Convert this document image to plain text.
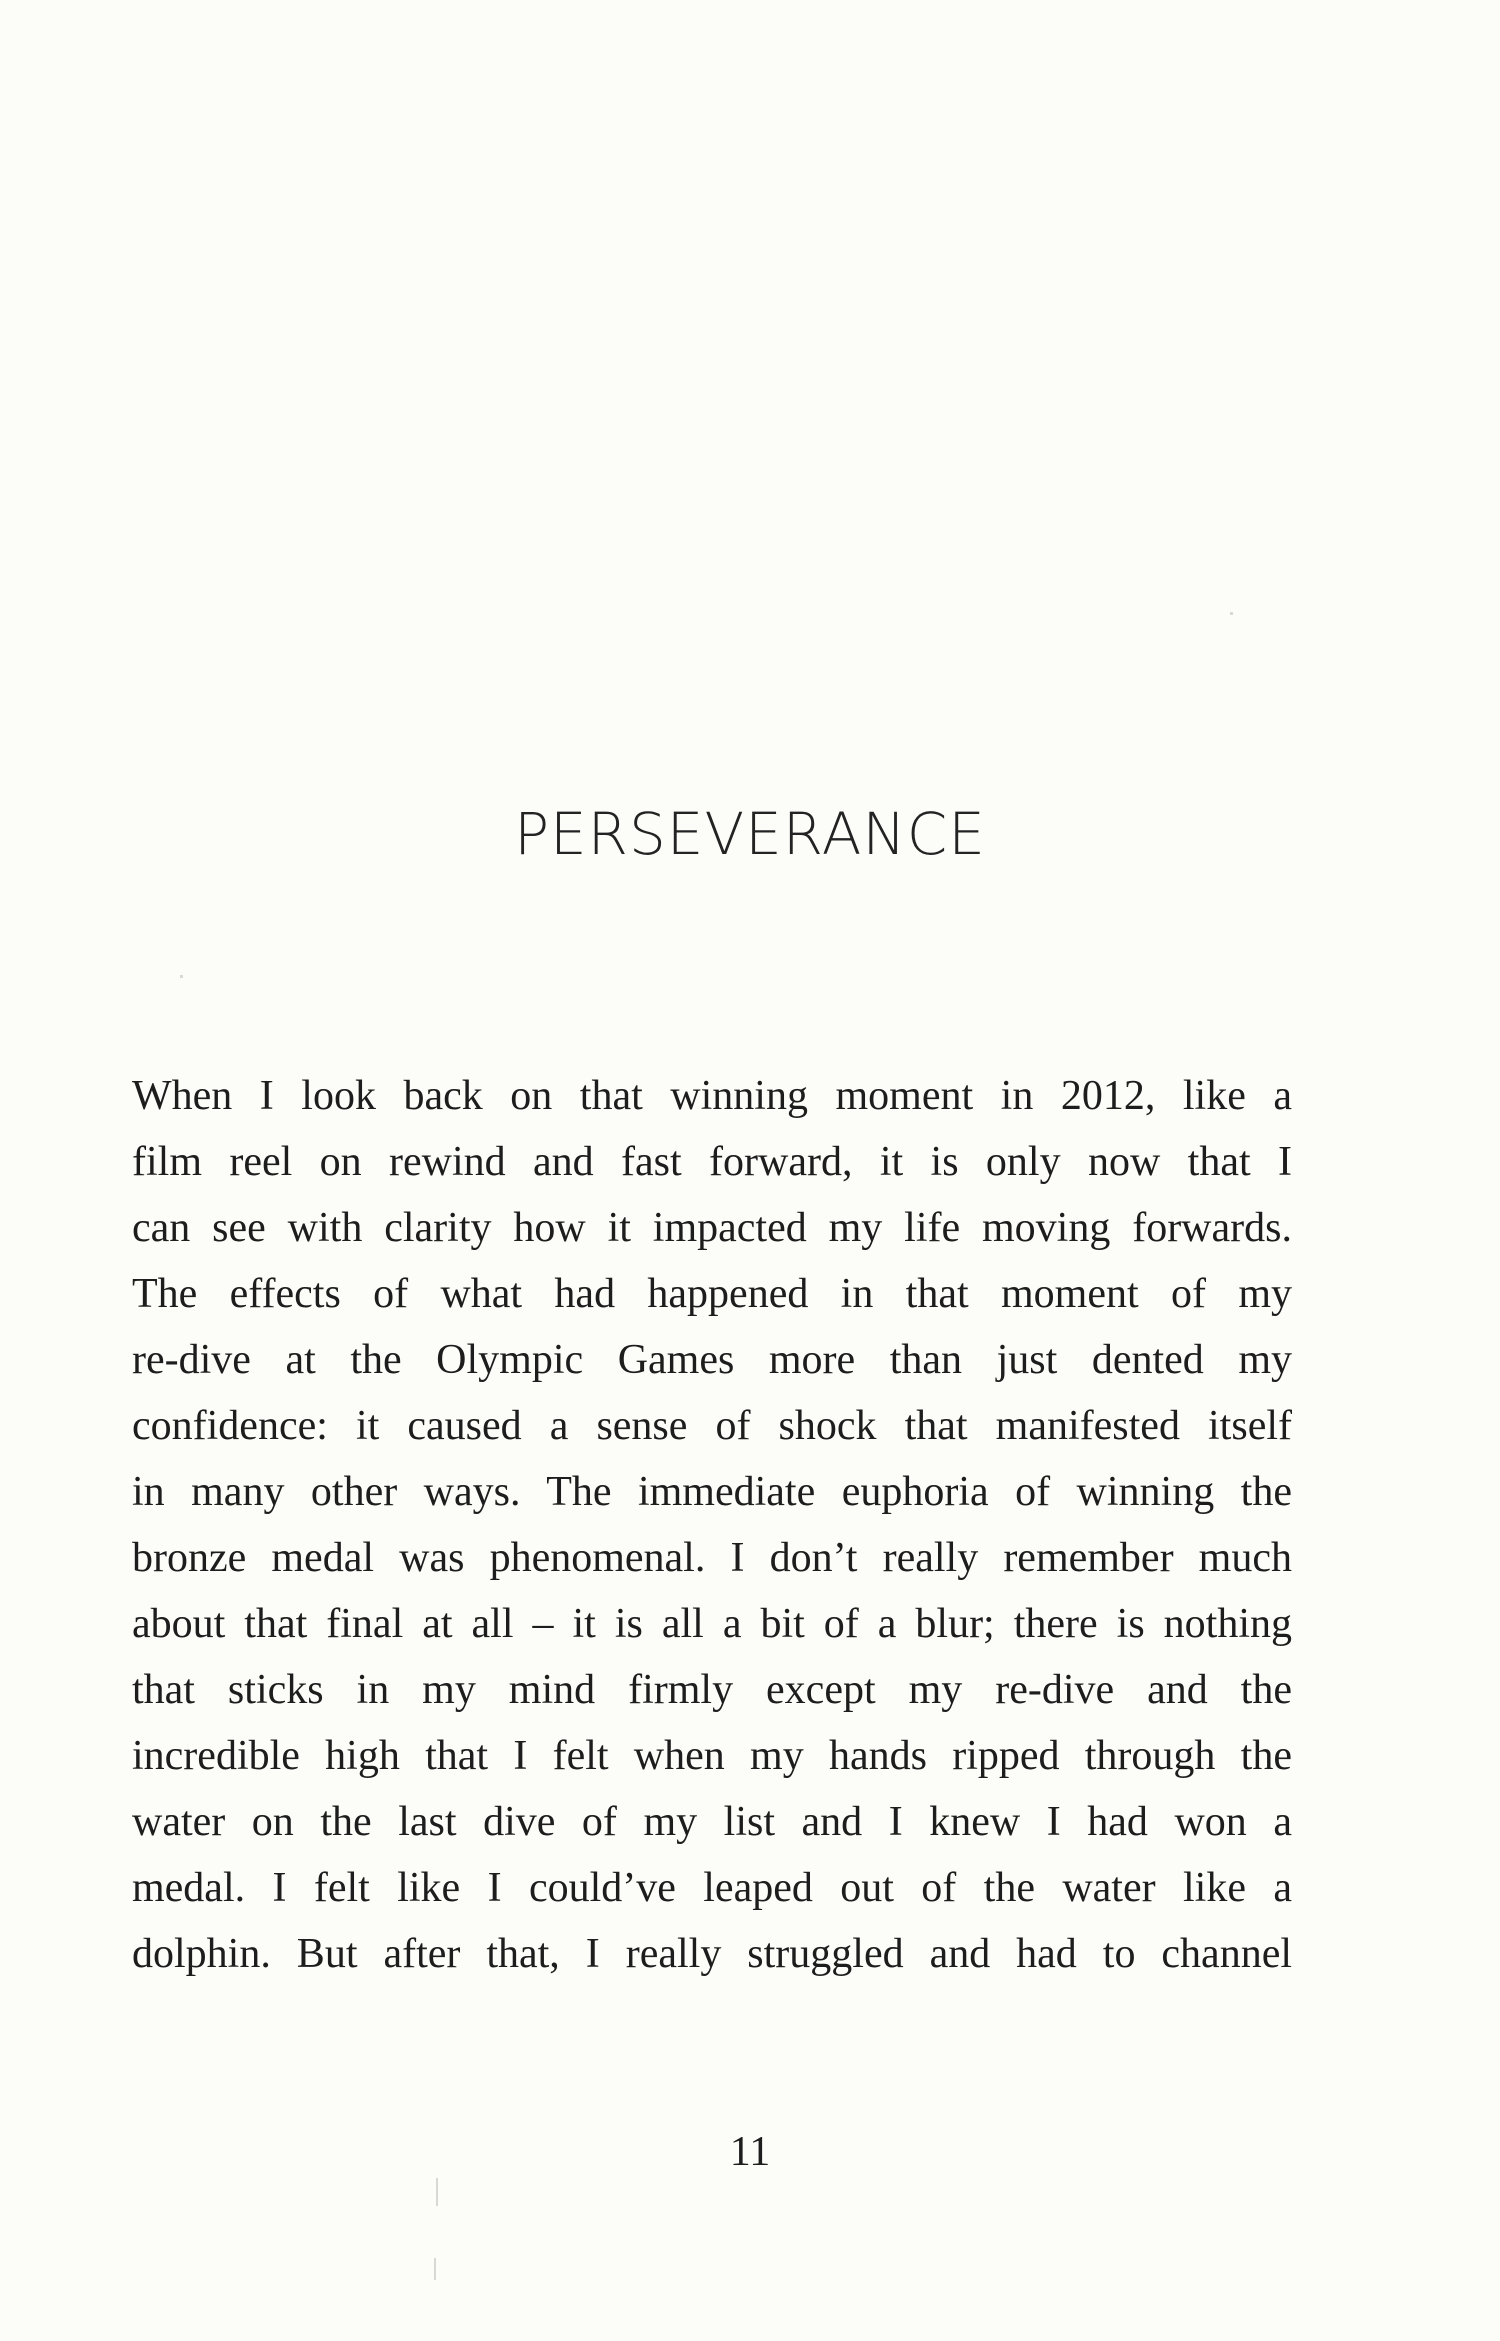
PERSEVERANCE
When I look back on that winning moment in 2012, like a
film reel on rewind and fast forward, it is only now that I
can see with clarity how it impacted my life moving forwards.
The effects of what had happened in that moment of my
re-dive at the Olympic Games more than just dented my
confidence: it caused a sense of shock that manifested itself
in many other ways. The immediate euphoria of winning the
bronze medal was phenomenal. I don’t really remember much
about that final at all – it is all a bit of a blur; there is nothing
that sticks in my mind firmly except my re-dive and the
incredible high that I felt when my hands ripped through the
water on the last dive of my list and I knew I had won a
medal. I felt like I could’ve leaped out of the water like a
dolphin. But after that, I really struggled and had to channel
11
